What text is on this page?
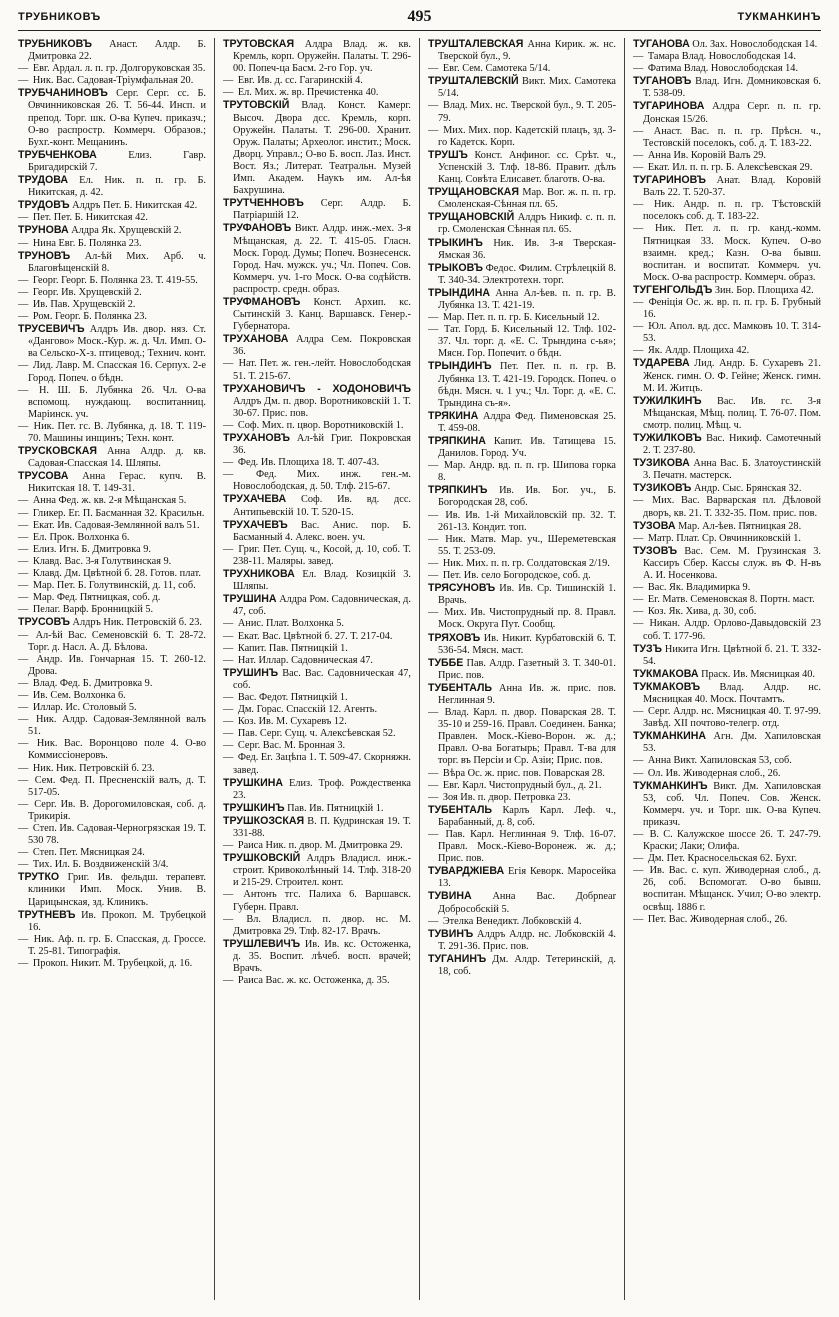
ТРУБНИКОВЪ	495	ТУКМАНКИНЪ

ТРУБНИКОВЪ Анаст. Алдр. Б. Дмитровка 22.

— Евг. Ардал. л. п. гр. Долгоруковская 35.

— Ник. Вас. Садовая-Тріумфальная 20.

ТРУБЧАНИНОВЪ Серг. Серг. сс. Б. Овчинниковская 26. Т. 56-44. Инсп. и препод. Торг. шк. О-ва Купеч. приказч.; О-во распростр. Коммерч. Образов.; Бухг.-конт. Мещанинъ.

ТРУБЧЕНКОВА	Елиз. Гавр. Бригадирскій 7.

ТРУДОВА Ел. Ник. п. п. гр. Б. Никитская, д. 42.

ТРУДОВЪ Алдръ Пет. Б. Никитская 42.

— Пет. Пет. Б. Никитская 42.

ТРУНОВА Алдра Як. Хрущевскій 2.

— Нина Евг. Б. Полянка 23.

ТРУНОВЪ Ал-ѣй Мих. Арб. ч. Благовѣщенскій 8.

— Георг. Георг. Б. Полянка 23. Т. 419-55.

— Георг. Ив. Хрущевскій 2.

— Ив. Пав. Хрущевскій 2.

— Ром. Георг. Б. Полянка 23.

ТРУСЕВИЧЪ Алдръ Ив. двор. няз. Ст. «Дангово» Моск.-Кур. ж. д. Чл. Имп. О-ва Сельско-Х-з. птицевод.; Технич. конт.

— Лид. Лавр. М. Спасская 16. Серпух. 2-е Город. Попеч. о бѣдн.

— Н. Ш. Б. Лубянка 26. Чл. О-ва вспомощ. нуждающ. воспитанниц. Маріинск. уч.

— Ник. Пет. гс. В. Лубянка, д. 18. Т. 119-70. Машины инщинъ; Техн. конт.

ТРУСКОВСКАЯ Анна Алдр. д. кв. Садовая-Спасская 14. Шляпы.

ТРУСОВА Анна Герас. купч. В. Никитская 18. Т. 149-31.

— Анна Фед. ж. кв. 2-я Мѣщанская 5.

— Гликер. Ег. П. Басманная 32. Красильн.

— Екат. Ив. Садовая-Землянной валъ 51.

— Ел. Прок. Волхонка 6.

— Елиз. Игн. Б. Дмитровка 9.

— Клавд. Вас. 3-я Голутвинская 9.

— Клавд. Дм. Цвѣтной б. 28. Готов. плат.

— Мар. Пет. Б. Голутвинскій, д. 11, соб.

— Мар. Фед. Пятницкая, соб. д.

— Пелаг. Варф. Бронницкій 5.

ТРУСОВЪ Алдръ Ник. Петровскій б. 23.

— Ал-ѣй Вас. Семеновскій 6. Т. 28-72. Торг. д. Насл. А. Д. Бѣлова.

— Андр. Ив. Гончарная 15. Т. 260-12. Дрова.

— Влад. Фед. Б. Дмитровка 9.

— Ив. Сем. Волхонка 6.

— Иллар. Ис. Столовый 5.

— Ник. Алдр. Садовая-Землянной валъ 51.

— Ник. Вас. Воронцово поле 4. О-во Коммиссіонеровъ.

— Ник. Ник. Петровскій б. 23.

— Сем. Фед. П. Пресненскій валъ, д. Т. 517-05.

— Серг. Ив. В. Дорогомиловская, соб. д. Трикирія.

— Степ. Ив. Садовая-Черногрязская 19. Т. 530 78.

— Степ. Пет. Мясницкая 24.

— Тих. Ил. Б. Воздвиженскій 3/4.

ТРУТКО Григ. Ив. фельдш. терапевт. клиники Имп. Моск. Унив. В. Царицынская, зд. Клиникъ.

ТРУТНЕВЪ Ив. Прокоп. М. Трубецкой 16.

— Ник. Аф. п. гр. Б. Спасская, д. Гроссе. Т. 25-81. Типографія.

— Прокоп. Никит. М. Трубецкой, д. 16.

ТРУТОВСКАЯ Алдра Влад. ж. кв. Кремль, корп. Оружейн. Палаты. Т. 296-00. Попеч-ца Басм. 2-го Гор. уч.

— Евг. Ив. д. сс. Гагаринскій 4.

— Ел. Мих. ж. вр. Пречистенка 40.

ТРУТОВСКІЙ Влад. Конст. Камерг. Высоч. Двора дсс. Кремль, корп. Оружейн. Палаты. Т. 296-00. Хранит. Оруж. Палаты; Археолог. инстит.; Моск. Дворц. Управл.; О-во Б. восп. Лаз. Инст. Вост. Яз.; Литерат. Театральн. Музей Имп. Академ. Наукъ им. Ал-ѣя Бахрушина.

ТРУТЧЕННОВЪ Серг. Алдр. Б. Патріаршій 12.

ТРУФАНОВЪ Викт. Алдр. инж.-мех. 3-я Мѣщанская, д. 22. Т. 415-05. Гласн. Моск. Город. Думы; Попеч. Вознесенск. Город. Нач. мужск. уч.; Чл. Попеч. Сов. Коммерч. уч. 1-го Моск. О-ва содѣйств. распростр. средн. образ.

ТРУФМАНОВЪ Конст. Архип. кс. Сытинскій 3. Канц. Варшавск. Генер.-Губернатора.

ТРУХАНОВА Алдра Сем. Покровская 36.

— Нат. Пет. ж. ген.-лейт. Новослободская 51. Т. 215-67.

ТРУХАНОВИЧЪ - ХОДОНОВИЧЪ Алдръ Дм. п. двор. Воротниковскій 1. Т. 30-67. Прис. пов.

— Соф. Мих. п. цвор. Воротниковскій 1.

ТРУХАНОВЪ Ал-ѣй Григ. Покровская 36.

— Фед. Ив. Площиха 18. Т. 407-43.

— Фед. Мих. инж. ген.-м. Новослободская, д. 50. Тлф. 215-67.

ТРУХАЧЕВА Соф. Ив. вд. дсс. Антипьевскій 10. Т. 520-15.

ТРУХАЧЕВЪ Вас. Анис. пор. Б. Басманный 4. Алекс. воен. уч.

— Григ. Пет. Сущ. ч., Косой, д. 10, соб. Т. 238-11. Маляры. завед.

ТРУХНИКОВА Ел. Влад. Козицкій 3. Шляпы.

ТРУШИНА Алдра Ром. Садовническая, д. 47, соб.

— Анис. Плат. Волхонка 5.

— Екат. Вас. Цвѣтной б. 27. Т. 217-04.

— Капит. Пав. Пятницкій 1.

— Нат. Иллар. Садовническая 47.

ТРУШИНЪ Вас. Вас. Садовническая 47, соб.

— Вас. Федот. Пятницкій 1.

— Дм. Горас. Спасскій 12. Агенть.

— Коз. Ив. М. Сухаревъ 12.

— Пав. Серг. Сущ. ч. Алексѣевская 52.

— Серг. Вас. М. Бронная 3.

— Фед. Ег. Зацѣпа 1. Т. 509-47. Скорняжн. завед.

ТРУШКИНА Елиз. Троф. Рождественка 23.

ТРУШКИНЪ Пав. Ив. Пятницкій 1.

ТРУШКОЗСКАЯ В. П. Кудринская 19. Т. 331-88.

— Раиса Ник. п. двор. М. Дмитровка 29.

ТРУШКОВСКІЙ Алдръ Владисл. инж.-строит. Кривоколѣнный 14. Тлф. 318-20 и 215-29. Строител. конт.

— Антонъ тгс. Палиха 6. Варшавск. Губерн. Правл.

— Вл. Владисл. п. двор. нс. М. Дмитровка 29. Тлф. 82-17. Врачъ.

ТРУШЛЕВИЧЪ Ив. Ив. кс. Остоженка, д. 35. Воспит. лѣчеб. восп. врачей; Врачъ.

— Раиса Вас. ж. кс. Остоженка, д. 35.

ТРУШТАЛЕВСКАЯ Анна Кирик. ж. нс. Тверской бул., 9.

— Евг. Сем. Самотека 5/14.

ТРУШТАЛЕВСКІЙ Викт. Мих. Самотека 5/14.

— Влад. Мих. нс. Тверской бул., 9. Т. 205-79.

— Мих. Мих. пор. Кадетскій плацъ, зд. 3-го Кадетск. Корп.

ТРУШЪ Конст. Анфиног. сс. Срѣт. ч., Успенскій 3. Тлф. 18-86. Правит. дѣлъ Канц. Совѣта Елисавет. благотв. О-ва.

ТРУЩАНОВСКАЯ Мар. Вог. ж. п. п. гр. Смоленская-Сѣнная пл. 65.

ТРУЩАНОВСКІЙ Алдръ Никиф. с. п. п. гр. Смоленская Сѣнная пл. 65.

ТРЫКИНЪ Ник. Ив. 3-я Тверская-Ямская 36.

ТРЫКОВЪ Федос. Филим. Стрѣлецкій 8. Т. 340-34. Электротехн. торг.

ТРЫНДИНА Анна Ал-ѣев. п. п. гр. В. Лубянка 13. Т. 421-19.

— Мар. Пет. п. п. гр. Б. Кисельный 12.

— Тат. Горд. Б. Кисельный 12. Тлф. 102-37. Чл. торг. д. «Е. С. Трындина с-ья»; Мясн. Гор. Попечит. о бѣдн.

ТРЫНДИНЪ Пет. Пет. п. п. гр. В. Лубянка 13. Т. 421-19. Городск. Попеч. о бѣдн. Мясн. ч. 1 уч.; Чл. Торг. д. «Е. С. Трындина съ-я».

ТРЯКИНА Алдра Фед. Пименовская 25. Т. 459-08.

ТРЯПКИНА Капит. Ив. Татищева 15. Данилов. Город. Уч.

— Мар. Андр. вд. п. п. гр. Шипова горка 8.

ТРЯПКИНЪ Ив. Ив. Бог. уч., Б. Богородская 28, соб.

— Ив. Ив. 1-й Михайловскій пр. 32. Т. 261-13. Кондит. топ.

— Ник. Матв. Мар. уч., Шереметевская 55. Т. 253-09.

— Ник. Мих. п. п. гр. Солдатовская 2/19.

— Пет. Ив. село Богородское, соб. д.

ТРЯСУНОВЪ Ив. Ив. Ср. Тишинскій 1. Врачь.

— Мих. Ив. Чистопрудный пр. 8. Правл. Моск. Округа Пут. Сообщ.

ТРЯХОВЪ Ив. Никит. Курбатовскій 6. Т. 536-54. Мясн. маст.

ТУББЕ Пав. Алдр. Газетный 3. Т. 340-01. Прис. пов.

ТУБЕНТАЛЬ Анна Ив. ж. прис. пов. Неглинная 9.

— Влад. Карл. п. двор. Поварская 28. Т. 35-10 и 259-16. Правл. Соединен. Банка; Правлен. Моск.-Кіево-Ворон. ж. д.; Правл. О-ва Богатырь; Правл. Т-ва для торг. въ Персіи и Ср. Азіи; Прис. пов.

— Вѣра Ос. ж. прис. пов. Поварская 28.

— Евг. Карл. Чистопрудный бул., д. 21.

— Зоя Ив. п. двор. Петровка 23.

ТУБЕНТАЛЬ Карлъ Карл. Леф. ч., Барабанный, д. 8, соб.

— Пав. Карл. Неглинная 9. Тлф. 16-07. Правл. Моск.-Кіево-Воронеж. ж. д.; Прис. пов.

ТУВАРДЖІЕВА Егія Кеворк. Маросейка 13.

ТУВИНА Анна Вас. Добрnear Добрособскій 5.

— Этелка Венедикт. Лобковскій 4.

ТУВИНЪ Алдръ Алдр. нс. Лобковскій 4. Т. 291-36. Прис. пов.

ТУГАНИНЪ Дм. Алдр. Тетеринскій, д. 18, соб.

ТУГАНОВА Ол. Зах. Новослободская 14.

— Тамара Влад. Новослободская 14.

— Фатима Влад. Новослободская 14.

ТУГАНОВЪ Влад. Игн. Домниковская 6. Т. 538-09.

ТУГАРИНОВА Алдра Серг. п. п. гр. Донская 15/26.

— Анаст. Вас. п. п. гр. Прѣсн. ч., Тестовскій поселокъ, соб. д. Т. 183-22.

— Анна Ив. Коровій Валъ 29.

— Екат. Ил. п. п. гр. Б. Алексѣевская 29.

ТУГАРИНОВЪ Анат. Влад. Коровій Валъ 22. Т. 520-37.

— Ник. Андр. п. п. гр. Тѣстовскій поселокъ соб. д. Т. 183-22.

— Ник. Пет. л. п. гр. канд.-комм. Пятницкая 33. Моск. Купеч. О-во взаимн. кред.; Казн. О-ва бывш. воспитан. и воспитат. Коммерч. уч. Моск. О-ва распростр. Коммерч. образ.

ТУГЕНГОЛЬДЪ Зин. Бор. Площиха 42.

— Феніція Ос. ж. вр. п. п. гр. Б. Грубный 16.

— Юл. Апол. вд. дсс. Мамковъ 10. Т. 314-53.

— Як. Алдр. Площиха 42.

ТУДАРЕВА Лид. Андр. Б. Сухаревъ 21. Женск. гимн. О. Ф. Гейне; Женск. гимн. М. И. Житцъ.

ТУЖИЛКИНЪ Вас. Ив. гс. 3-я Мѣщанская, Мѣщ. полиц. Т. 76-07. Пом. смотр. полиц. Мѣщ. ч.

ТУЖИЛКОВЪ Вас. Никиф. Самотечный 2. Т. 237-80.

ТУЗИКОВА Анна Вас. Б. Златоустинскій 3. Печатн. мастерск.

ТУЗИКОВЪ Андр. Сыс. Брянская 32.

— Мих. Вас. Варварская пл. Дѣловой дворъ, кв. 21. Т. 332-35. Пом. прис. пов.

ТУЗОВА Мар. Ал-ѣев. Пятницкая 28.

— Матр. Плат. Ср. Овчинниковскій 1.

ТУЗОВЪ Вас. Сем. М. Грузинская 3. Кассиръ Сбер. Кассы служ. въ Ф. Н-въ А. И. Носенкова.

— Вас. Як. Владимирка 9.

— Ег. Матв. Семеновская 8. Портн. маст.

— Коз. Як. Хива, д. 30, соб.

— Никан. Алдр. Орлово-Давыдовскій 23 соб. Т. 177-96.

ТУЗЪ Никита Игн. Цвѣтной б. 21. Т. 332-54.

ТУКМАКОВА Праск. Ив. Мясницкая 40.

ТУКМАКОВЪ Влад. Алдр. нс. Мясницкая 40. Моск. Почтамтъ.

— Серг. Алдр. нс. Мясницкая 40. Т. 97-99. Завѣд. XII почтово-телегр. отд.

ТУКМАНКИНА Агн. Дм. Хапиловская 53.

— Анна Викт. Хапиловская 53, соб.

— Ол. Ив. Живодерная слоб., 26.

ТУКМАНКИНЪ Викт. Дм. Хапиловская 53, соб. Чл. Попеч. Сов. Женск. Коммерч. уч. и Торг. шк. О-ва Купеч. приказч.

— В. С. Калужское шоссе 26. Т. 247-79. Краски; Лаки; Олифа.

— Дм. Пет. Красносельская 62. Бухг.

— Ив. Вас. с. куп. Живодерная слоб., д. 26, соб. Вспомогат. О-во бывш. воспитан. Мѣщанск. Учил; О-во электр. освѣщ. 1886 г.

— Пет. Вас. Живодерная слоб., 26.
